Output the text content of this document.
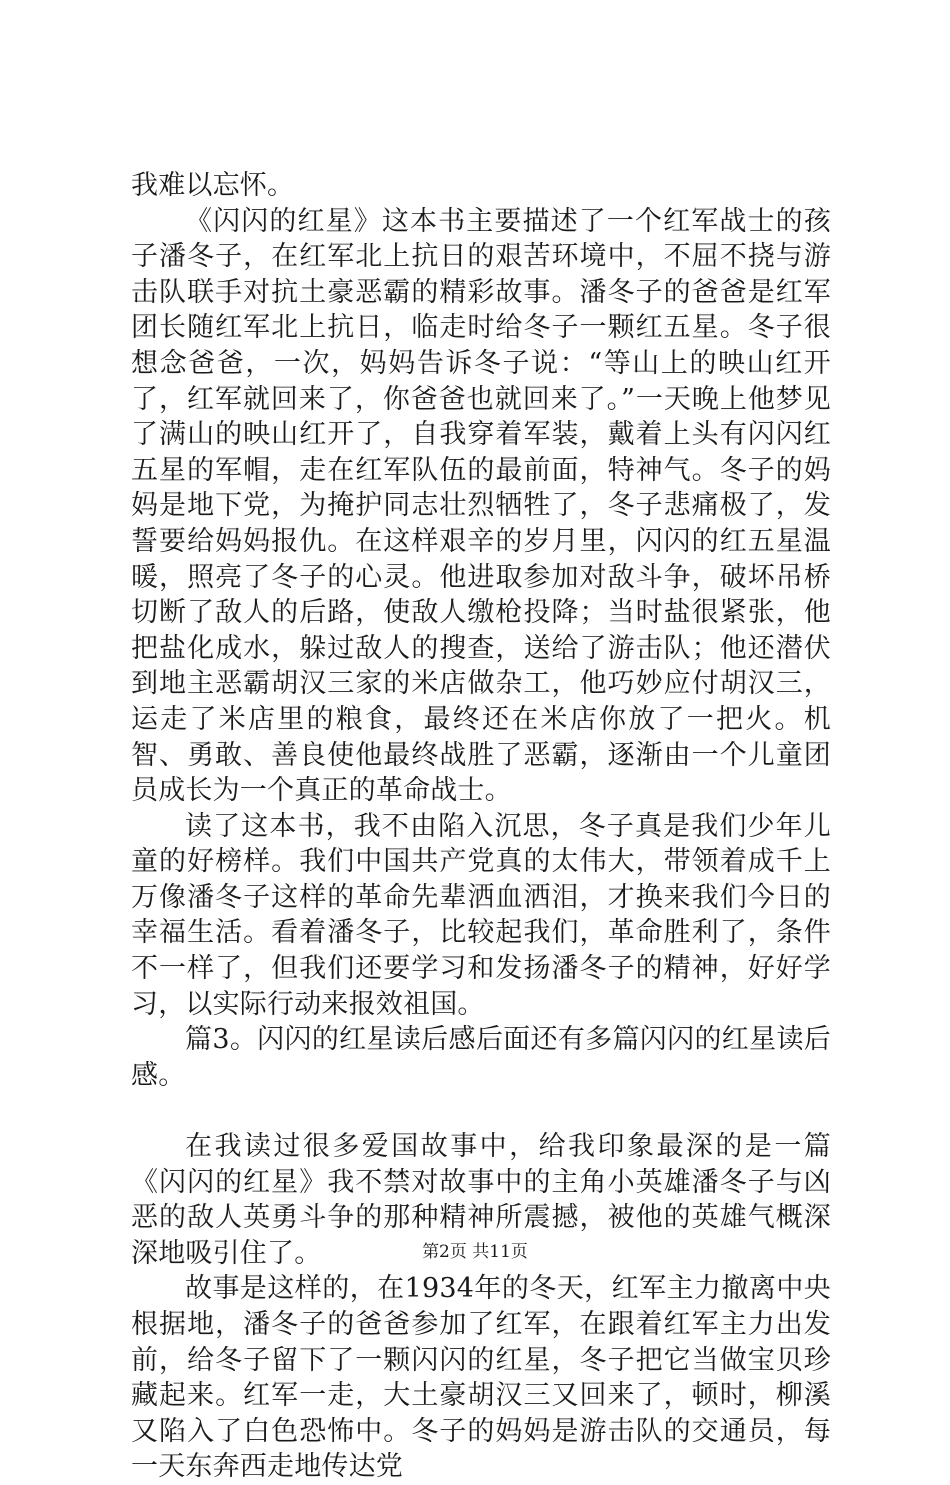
我难以忘怀。

《闪闪的红星》这本书主要描述了一个红军战士的孩子潘冬子，在红军北上抗日的艰苦环境中，不屈不挠与游击队联手对抗土豪恶霸的精彩故事。潘冬子的爸爸是红军团长随红军北上抗日，临走时给冬子一颗红五星。冬子很想念爸爸，一次，妈妈告诉冬子说：“等山上的映山红开了，红军就回来了，你爸爸也就回来了。”一天晚上他梦见了满山的映山红开了，自我穿着军装，戴着上头有闪闪红五星的军帽，走在红军队伍的最前面，特神气。冬子的妈妈是地下党，为掩护同志壮烈牺牲了，冬子悲痛极了，发誓要给妈妈报仇。在这样艰辛的岁月里，闪闪的红五星温暖，照亮了冬子的心灵。他进取参加对敌斗争，破坏吊桥切断了敌人的后路，使敌人缴枪投降；当时盐很紧张，他把盐化成水，躲过敌人的搜查，送给了游击队；他还潜伏到地主恶霸胡汉三家的米店做杂工，他巧妙应付胡汉三，运走了米店里的粮食，最终还在米店你放了一把火。机智、勇敢、善良使他最终战胜了恶霸，逐渐由一个儿童团员成长为一个真正的革命战士。

读了这本书，我不由陷入沉思，冬子真是我们少年儿童的好榜样。我们中国共产党真的太伟大，带领着成千上万像潘冬子这样的革命先辈洒血洒泪，才换来我们今日的幸福生活。看着潘冬子，比较起我们，革命胜利了，条件不一样了，但我们还要学习和发扬潘冬子的精神，好好学习，以实际行动来报效祖国。

篇3。闪闪的红星读后感后面还有多篇闪闪的红星读后感。

在我读过很多爱国故事中，给我印象最深的是一篇《闪闪的红星》我不禁对故事中的主角小英雄潘冬子与凶恶的敌人英勇斗争的那种精神所震撼，被他的英雄气概深深地吸引住了。

故事是这样的，在1934年的冬天，红军主力撤离中央根据地，潘冬子的爸爸参加了红军，在跟着红军主力出发前，给冬子留下了一颗闪闪的红星，冬子把它当做宝贝珍藏起来。红军一走，大土豪胡汉三又回来了，顿时，柳溪又陷入了白色恐怖中。冬子的妈妈是游击队的交通员，每一天东奔西走地传达党

第2页 共11页
